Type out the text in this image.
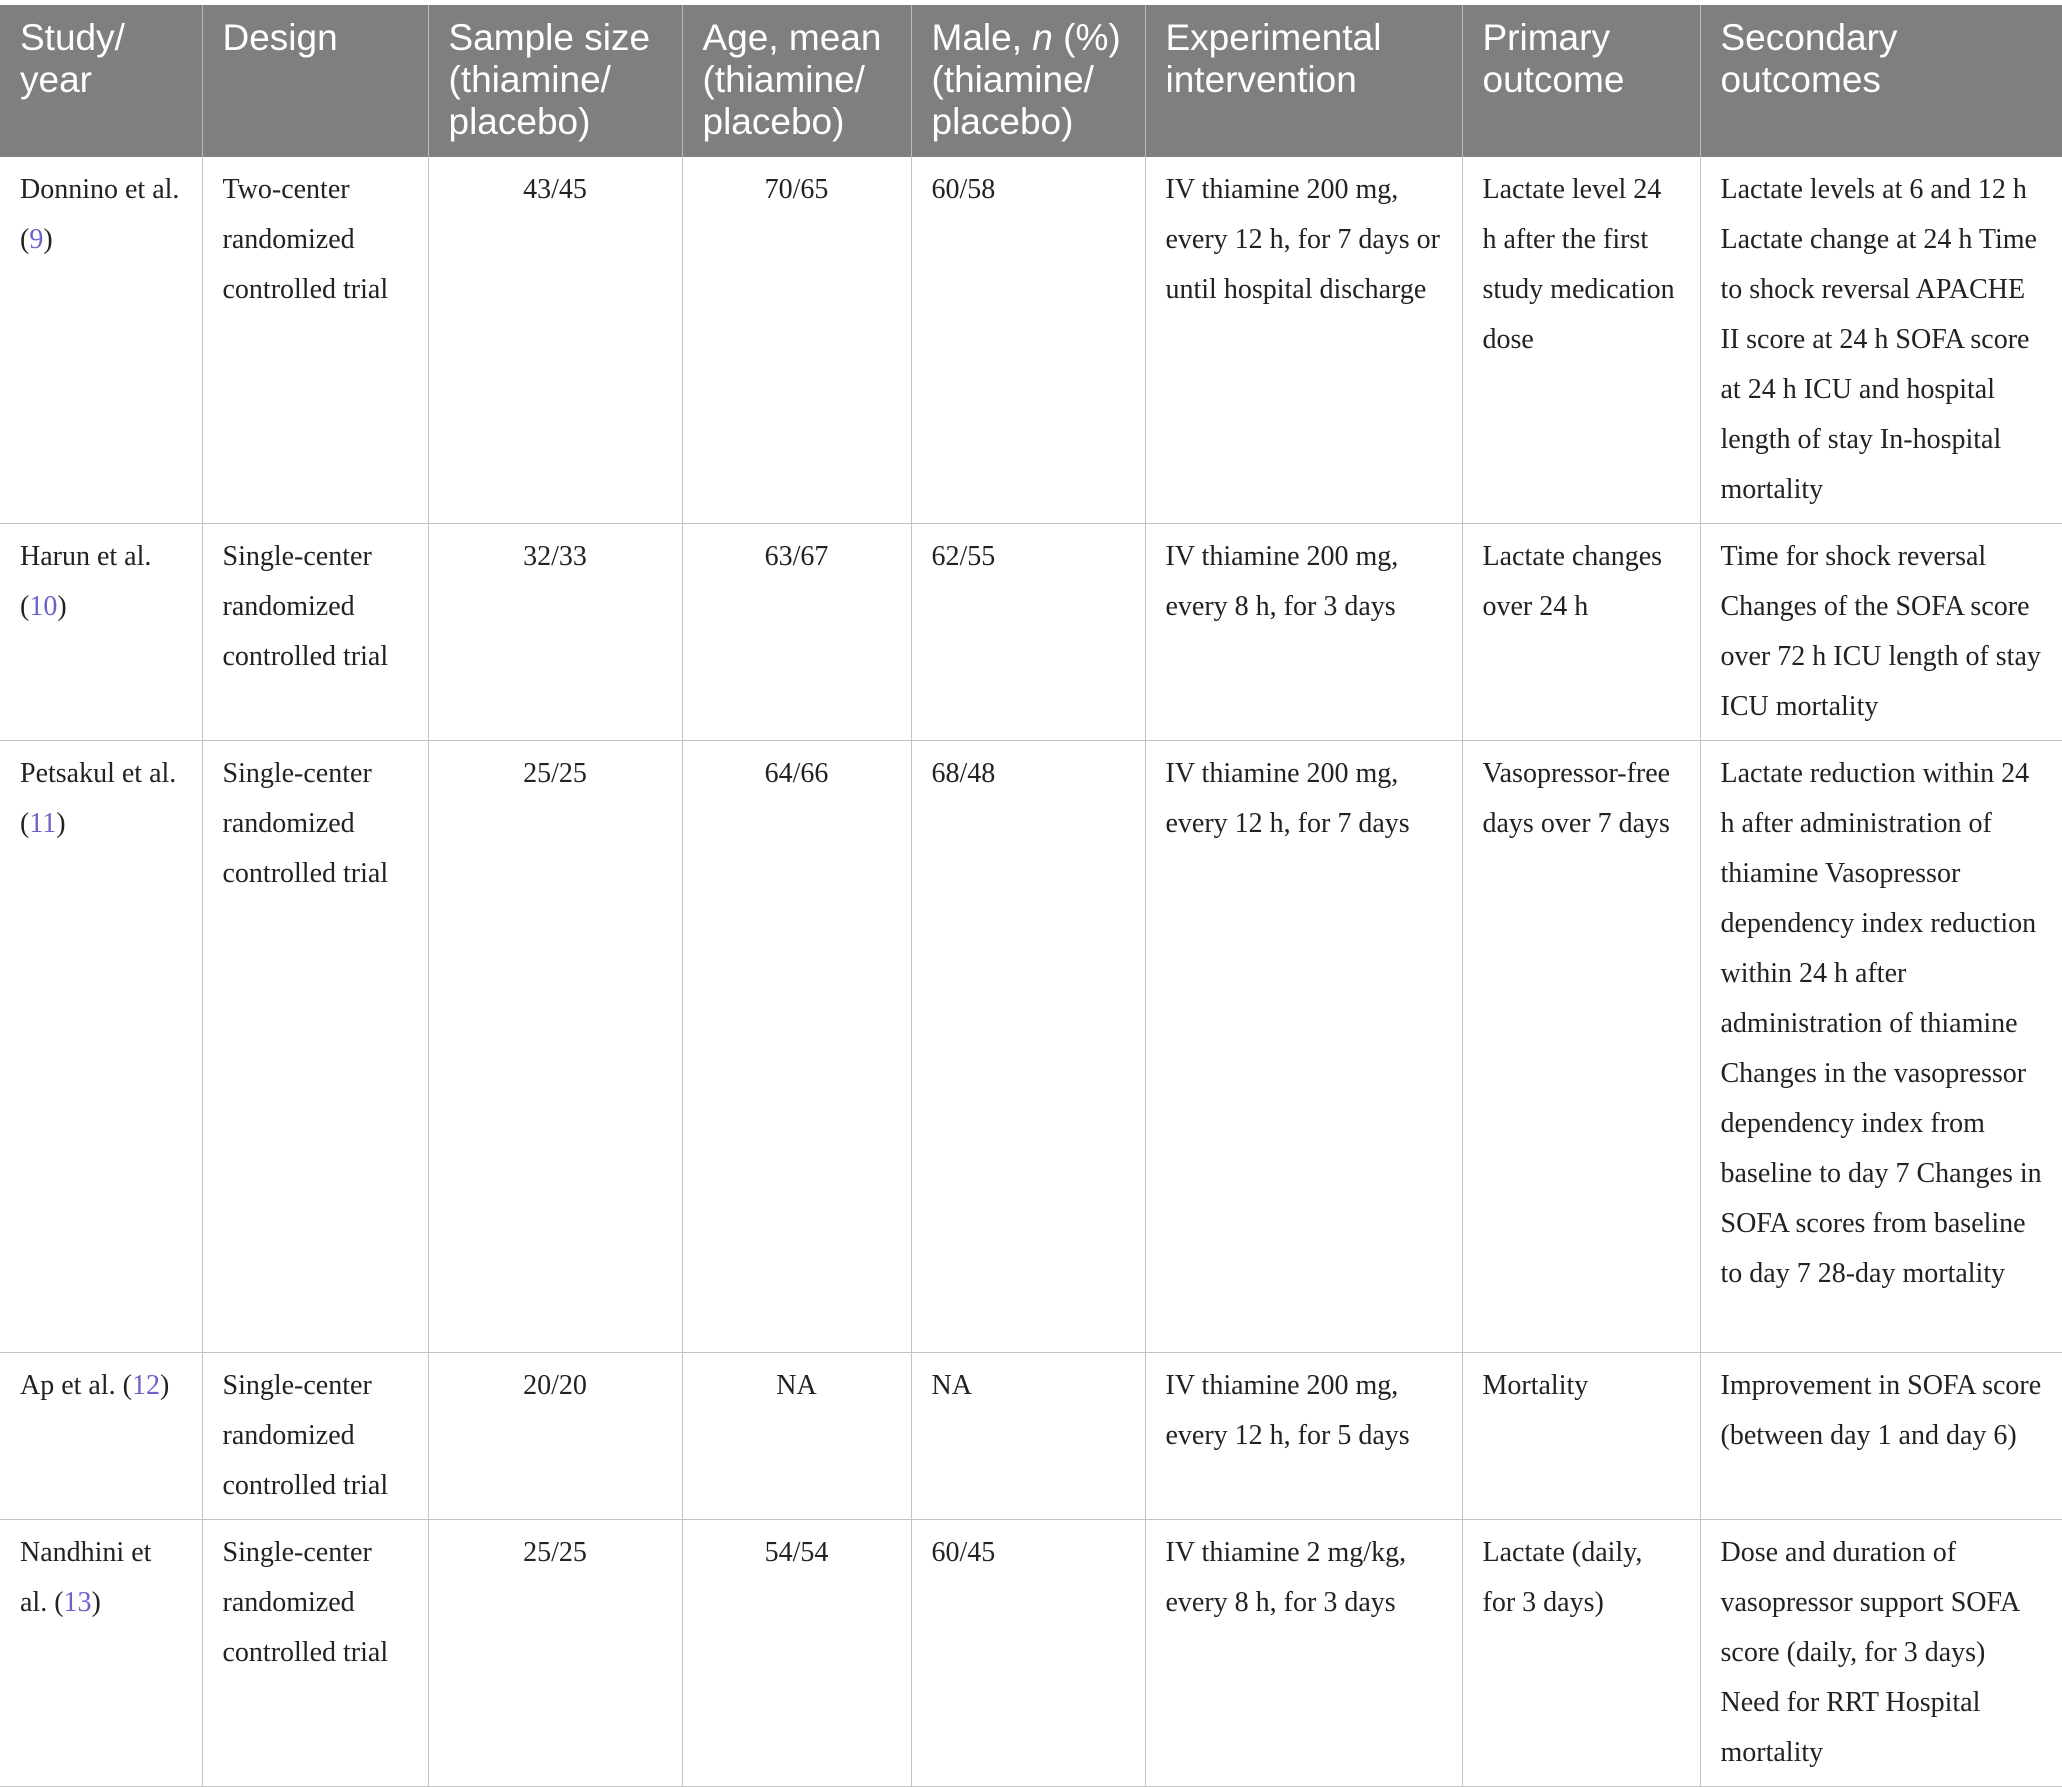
Study/ year	Design	Sample size (thiamine/ placebo)	Age, mean (thiamine/ placebo)	Male, n (%) (thiamine/ placebo)	Experimental intervention	Primary outcome	Secondary outcomes
Donnino et al. (9)	Two-center randomized controlled trial	43/45	70/65	60/58	IV thiamine 200 mg, every 12 h, for 7 days or until hospital discharge	Lactate level 24 h after the first study medication dose	Lactate levels at 6 and 12 h Lactate change at 24 h Time to shock reversal APACHE II score at 24 h SOFA score at 24 h ICU and hospital length of stay In-hospital mortality
Harun et al. (10)	Single-center randomized controlled trial	32/33	63/67	62/55	IV thiamine 200 mg, every 8 h, for 3 days	Lactate changes over 24 h	Time for shock reversal Changes of the SOFA score over 72 h ICU length of stay ICU mortality
Petsakul et al. (11)	Single-center randomized controlled trial	25/25	64/66	68/48	IV thiamine 200 mg, every 12 h, for 7 days	Vasopressor-free days over 7 days	Lactate reduction within 24 h after administration of thiamine Vasopressor dependency index reduction within 24 h after administration of thiamine Changes in the vasopressor dependency index from baseline to day 7 Changes in SOFA scores from baseline to day 7 28-day mortality
Ap et al. (12)	Single-center randomized controlled trial	20/20	NA	NA	IV thiamine 200 mg, every 12 h, for 5 days	Mortality	Improvement in SOFA score (between day 1 and day 6)
Nandhini et al. (13)	Single-center randomized controlled trial	25/25	54/54	60/45	IV thiamine 2 mg/kg, every 8 h, for 3 days	Lactate (daily, for 3 days)	Dose and duration of vasopressor support SOFA score (daily, for 3 days) Need for RRT Hospital mortality
